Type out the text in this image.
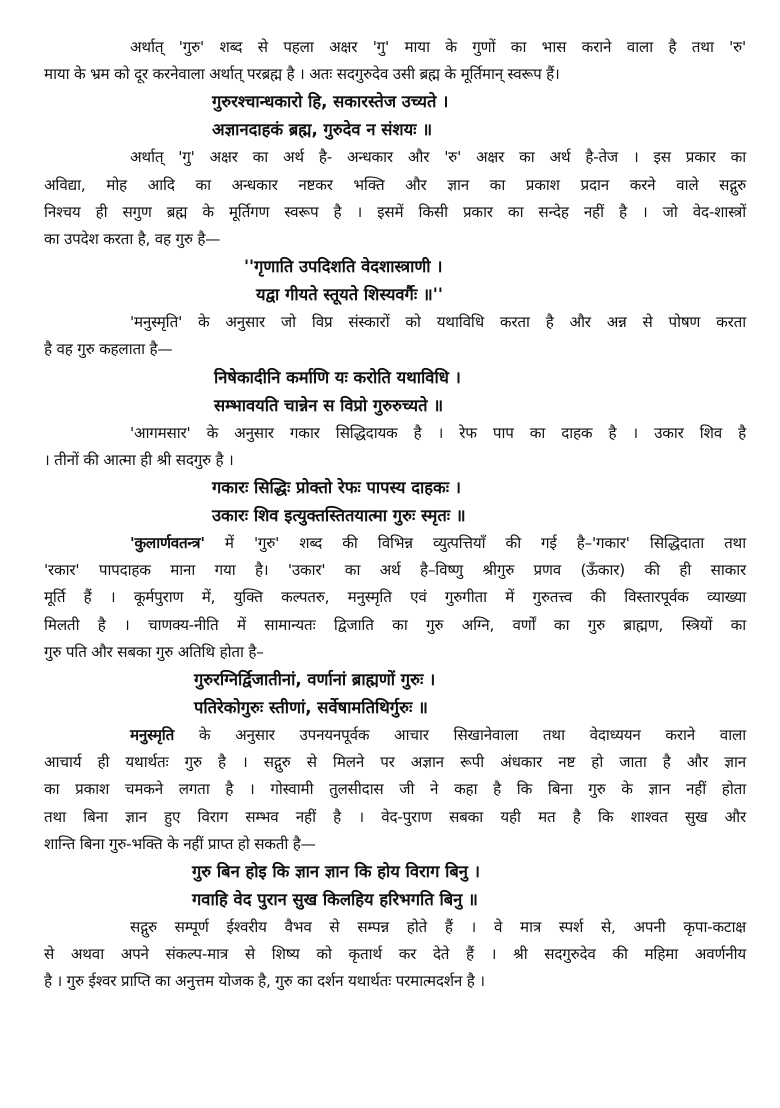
अर्थात् 'गुरु' शब्द से पहला अक्षर 'गु' माया के गुणों का भास कराने वाला है तथा 'रु'
माया के भ्रम को दूर करनेवाला अर्थात् परब्रह्म है । अतः सदगुरुदेव उसी ब्रह्म के मूर्तिमान् स्वरूप हैं।

गुरुरश्चान्धकारो हि, सकारस्तेज उच्यते ।
अज्ञानदाहकं ब्रह्म, गुरुदेव न संशयः ॥

अर्थात् 'गु' अक्षर का अर्थ है- अन्धकार और 'रु' अक्षर का अर्थ है-तेज । इस प्रकार का
अविद्या, मोह आदि का अन्धकार नष्टकर भक्ति और ज्ञान का प्रकाश प्रदान करने वाले सद्गुरु
निश्चय ही सगुण ब्रह्म के मूर्तिगण स्वरूप है । इसमें किसी प्रकार का सन्देह नहीं है । जो वेद-शास्त्रों
का उपदेश करता है, वह गुरु है—

''गृणाति उपदिशति वेदशास्त्राणी ।
यद्वा गीयते स्तूयते शिस्यवर्गैः ॥''

'मनुस्मृति' के अनुसार जो विप्र संस्कारों को यथाविधि करता है और अन्न से पोषण करता
है वह गुरु कहलाता है—

निषेकादीनि कर्माणि यः करोति यथाविधि ।
सम्भावयति चान्नेन स विप्रो गुरुरुच्यते ॥

'आगमसार' के अनुसार गकार सिद्धिदायक है । रेफ पाप का दाहक है । उकार शिव है
। तीनों की आत्मा ही श्री सदगुरु है ।

गकारः सिद्धिः प्रोक्तो रेफः पापस्य दाहकः ।
उकारः शिव इत्युक्तस्तितयात्मा गुरुः स्मृतः ॥

'कुलार्णवतन्त्र' में 'गुरु' शब्द की विभिन्न व्युत्पत्तियाँ की गई है–'गकार' सिद्धिदाता तथा
'रकार' पापदाहक माना गया है। 'उकार' का अर्थ है–विष्णु श्रीगुरु प्रणव (ऊँकार) की ही साकार
मूर्ति हैं । कूर्मपुराण में, युक्ति कल्पतरु, मनुस्मृति एवं गुरुगीता में गुरुतत्त्व की विस्तारपूर्वक व्याख्या
मिलती है । चाणक्य-नीति में सामान्यतः द्विजाति का गुरु अग्नि, वर्णों का गुरु ब्राह्मण, स्त्रियों का
गुरु पति और सबका गुरु अतिथि होता है–

गुरुरग्निर्द्विजातीनां, वर्णानां ब्राह्मणों गुरुः ।
पतिरेकोगुरुः स्तीणां, सर्वेषामतिथिर्गुरुः ॥

मनुस्मृति के अनुसार उपनयनपूर्वक आचार सिखानेवाला तथा वेदाध्ययन कराने वाला
आचार्य ही यथार्थतः गुरु है । सद्गुरु से मिलने पर अज्ञान रूपी अंधकार नष्ट हो जाता है और ज्ञान
का प्रकाश चमकने लगता है । गोस्वामी तुलसीदास जी ने कहा है कि बिना गुरु के ज्ञान नहीं होता
तथा बिना ज्ञान हुए विराग सम्भव नहीं है । वेद-पुराण सबका यही मत है कि शाश्वत सुख और
शान्ति बिना गुरु-भक्ति के नहीं प्राप्त हो सकती है—

गुरु बिन होइ कि ज्ञान ज्ञान कि होय विराग बिनु ।
गवाहि वेद पुरान सुख किलहिय हरिभगति बिनु ॥

सद्गुरु सम्पूर्ण ईश्वरीय वैभव से सम्पन्न होते हैं । वे मात्र स्पर्श से, अपनी कृपा-कटाक्ष
से अथवा अपने संकल्प-मात्र से शिष्य को कृतार्थ कर देते हैं । श्री सदगुरुदेव की महिमा अवर्णनीय
है । गुरु ईश्वर प्राप्ति का अनुत्तम योजक है, गुरु का दर्शन यथार्थतः परमात्मदर्शन है ।
